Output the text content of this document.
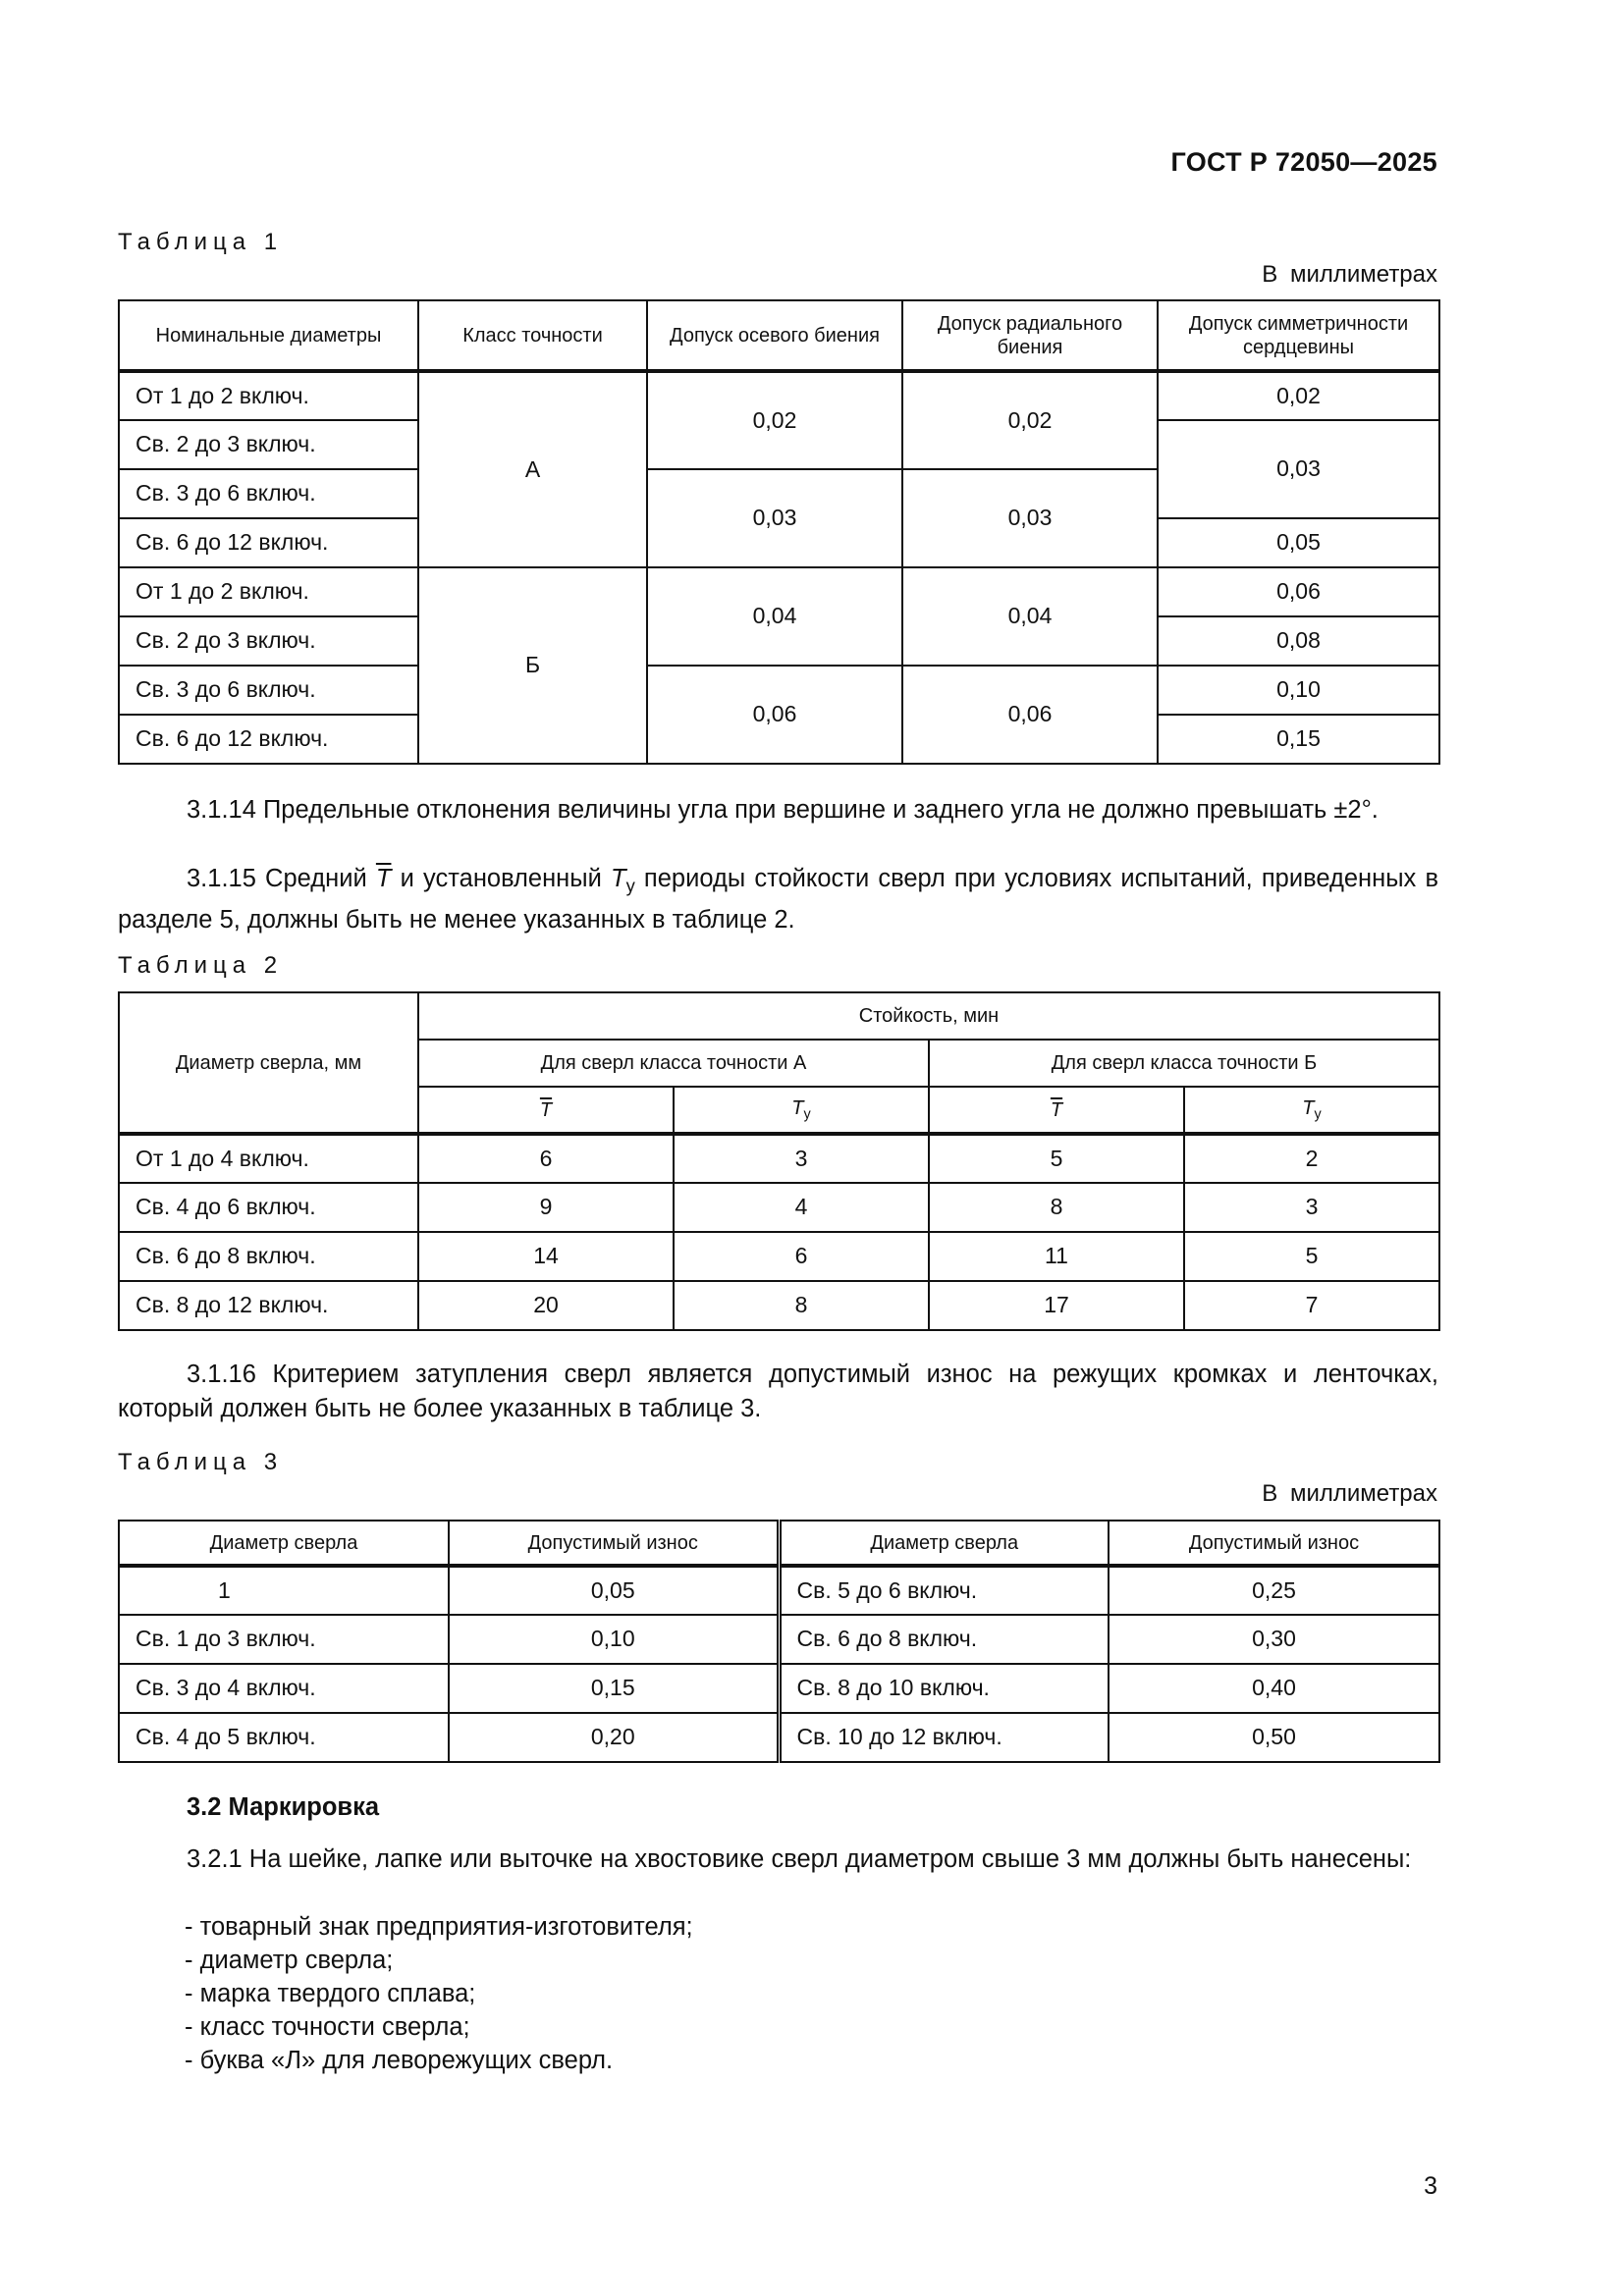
ГОСТ Р 72050—2025
Таблица 1
В миллиметрах
Номинальные диаметры	Класс точности	Допуск осевого биения	Допуск радиального биения	Допуск симметричности сердцевины
От 1 до 2 включ.	А	0,02	0,02	0,02
Св. 2 до 3 включ.				0,03
Св. 3 до 6 включ.		0,03	0,03	
Св. 6 до 12 включ.				0,05
От 1 до 2 включ.	Б	0,04	0,04	0,06
Св. 2 до 3 включ.				0,08
Св. 3 до 6 включ.		0,06	0,06	0,10
Св. 6 до 12 включ.				0,15
3.1.14 Предельные отклонения величины угла при вершине и заднего угла не должно превышать ±2°.
3.1.15 Средний $\overline{T}$ и установленный $T_у$ периоды стойкости сверл при условиях испытаний, приведенных в разделе 5, должны быть не менее указанных в таблице 2.
Таблица 2
Диаметр сверла, мм	Стойкость, мин			
	Для сверл класса точности А		Для сверл класса точности Б	
	$\overline{T}$	$T_у$	$\overline{T}$	$T_у$
От 1 до 4 включ.	6	3	5	2
Св. 4 до 6 включ.	9	4	8	3
Св. 6 до 8 включ.	14	6	11	5
Св. 8 до 12 включ.	20	8	17	7
3.1.16 Критерием затупления сверл является допустимый износ на режущих кромках и ленточках, который должен быть не более указанных в таблице 3.
Таблица 3
В миллиметрах
Диаметр сверла	Допустимый износ	Диаметр сверла	Допустимый износ
1	0,05	Св. 5 до 6 включ.	0,25
Св. 1 до 3 включ.	0,10	Св. 6 до 8 включ.	0,30
Св. 3 до 4 включ.	0,15	Св. 8 до 10 включ.	0,40
Св. 4 до 5 включ.	0,20	Св. 10 до 12 включ.	0,50
3.2 Маркировка
3.2.1 На шейке, лапке или выточке на хвостовике сверл диаметром свыше 3 мм должны быть нанесены:
- товарный знак предприятия-изготовителя;
- диаметр сверла;
- марка твердого сплава;
- класс точности сверла;
- буква «Л» для леворежущих сверл.
3
